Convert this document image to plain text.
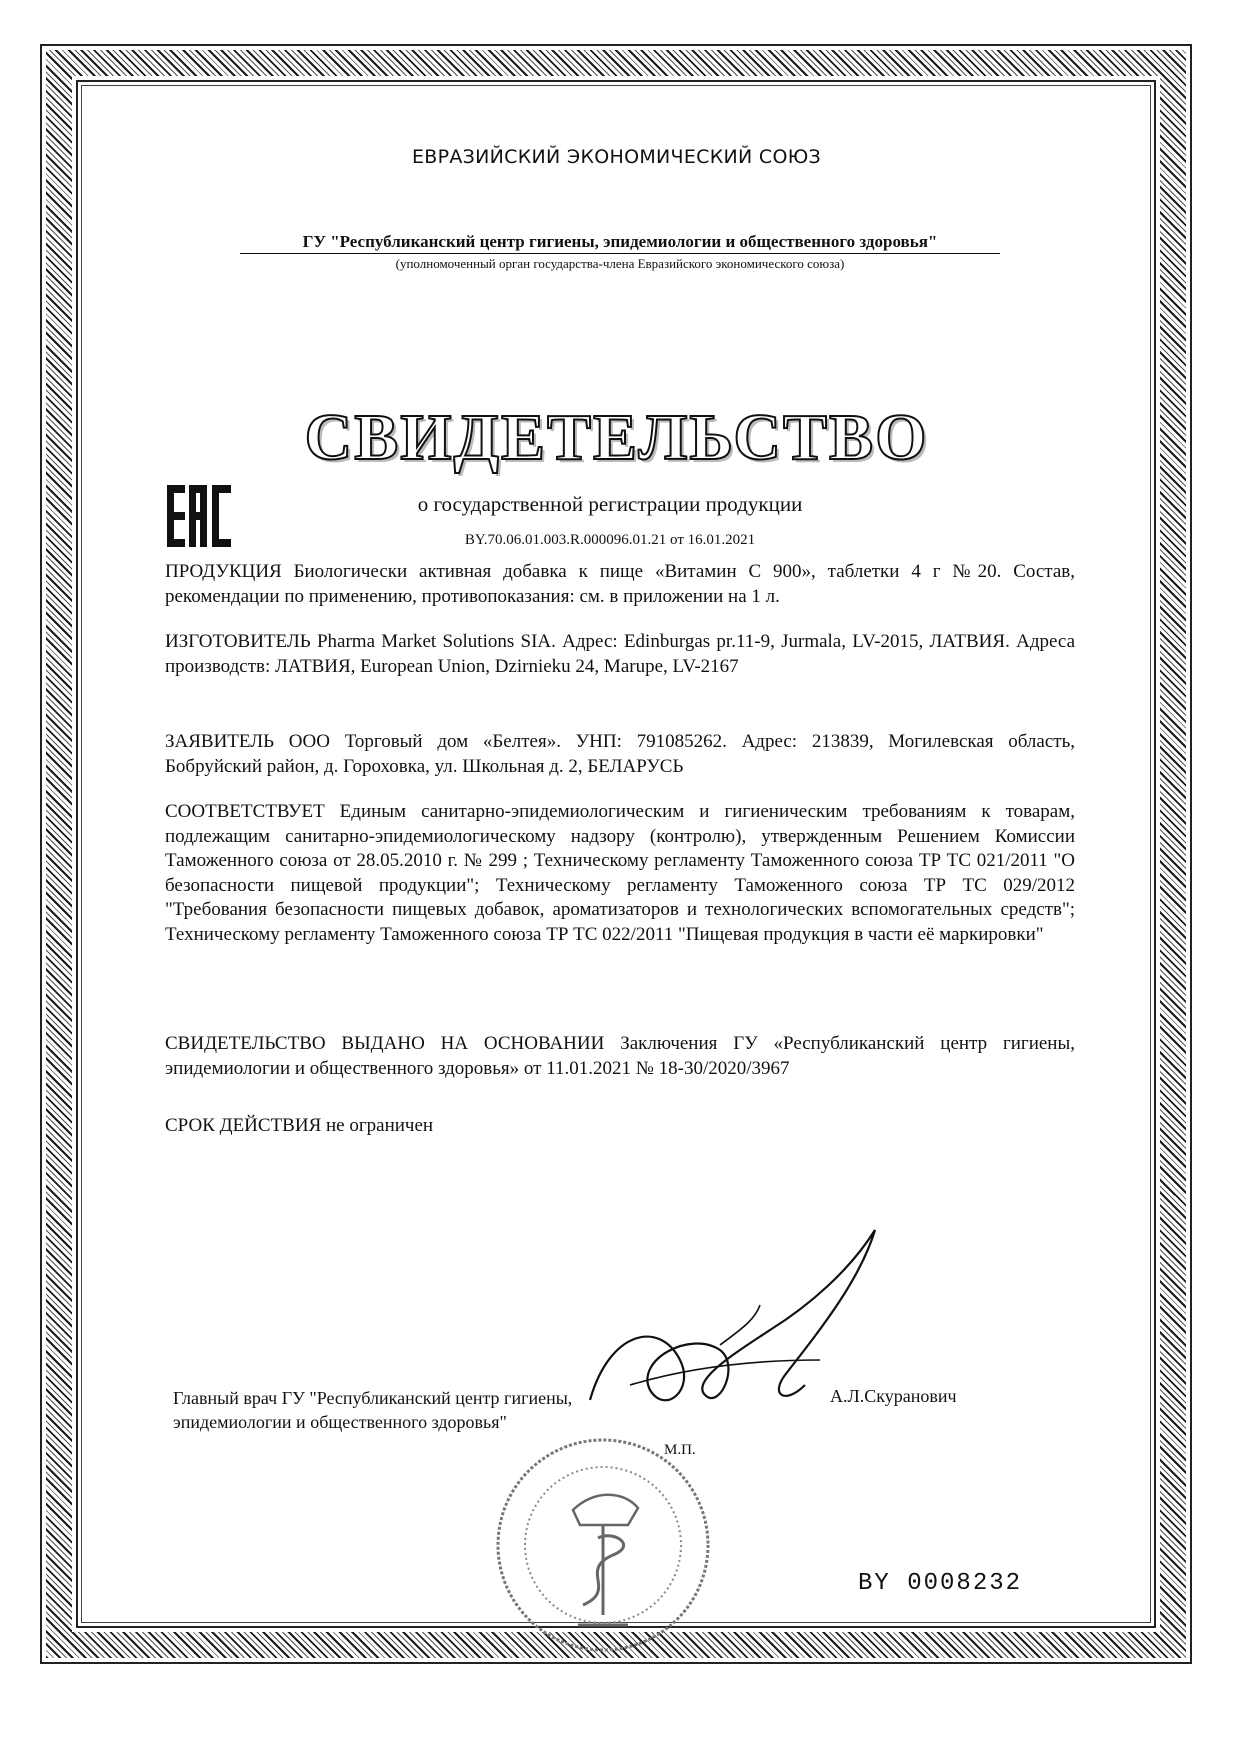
ЕВРАЗИЙСКИЙ ЭКОНОМИЧЕСКИЙ СОЮЗ
ГУ "Республиканский центр гигиены, эпидемиологии и общественного здоровья"
(уполномоченный орган государства-члена Евразийского экономического союза)
СВИДЕТЕЛЬСТВО
о государственной регистрации продукции
BY.70.06.01.003.R.000096.01.21 от 16.01.2021
ПРОДУКЦИЯ Биологически активная добавка к пище «Витамин С 900», таблетки 4 г №20. Состав, рекомендации по применению, противопоказания: см. в приложении на 1 л.
ИЗГОТОВИТЕЛЬ Pharma Market Solutions SIA. Адрес: Edinburgas pr.11-9, Jurmala, LV-2015, ЛАТВИЯ. Адреса производств: ЛАТВИЯ, European Union, Dzirnieku 24, Marupe, LV-2167
ЗАЯВИТЕЛЬ ООО Торговый дом «Белтея». УНП: 791085262. Адрес: 213839, Могилевская область, Бобруйский район, д. Гороховка, ул. Школьная д. 2, БЕЛАРУСЬ
СООТВЕТСТВУЕТ Единым санитарно-эпидемиологическим и гигиеническим требованиям к товарам, подлежащим санитарно-эпидемиологическому надзору (контролю), утвержденным Решением Комиссии Таможенного союза от 28.05.2010 г. № 299 ; Техническому регламенту Таможенного союза ТР ТС 021/2011 "О безопасности пищевой продукции"; Техническому регламенту Таможенного союза ТР ТС 029/2012 "Требования безопасности пищевых добавок, ароматизаторов и технологических вспомогательных средств"; Техническому регламенту Таможенного союза ТР ТС 022/2011 "Пищевая продукция в части её маркировки"
СВИДЕТЕЛЬСТВО ВЫДАНО НА ОСНОВАНИИ Заключения ГУ «Республиканский центр гигиены, эпидемиологии и общественного здоровья» от 11.01.2021 № 18-30/2020/3967
СРОК ДЕЙСТВИЯ не ограничен
Главный врач ГУ "Республиканский центр гигиены, эпидемиологии и общественного здоровья"
А.Л.Скуранович
М.П.
BY 0008232
